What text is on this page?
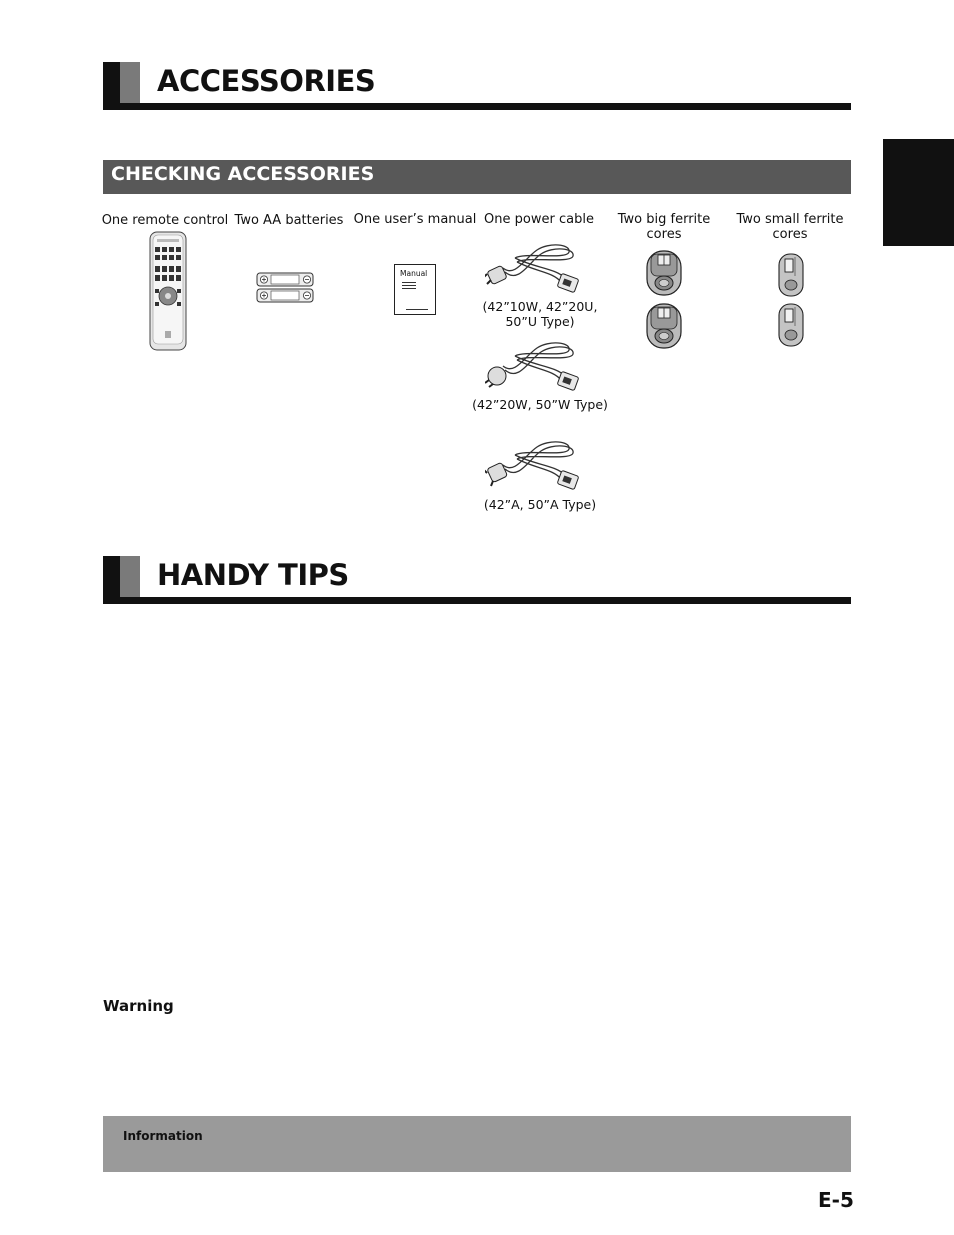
ACCESSORIES
CHECKING ACCESSORIES
One remote control Two AA batteries One user’s manual One power cable	Two big ferrite cores
Two small ferrite cores
Manual
(42”10W, 42”20U,
50”U Type)
(42”20W, 50”W Type)
(42”A, 50”A Type)
HANDY TIPS
Warning
Information
E-5
